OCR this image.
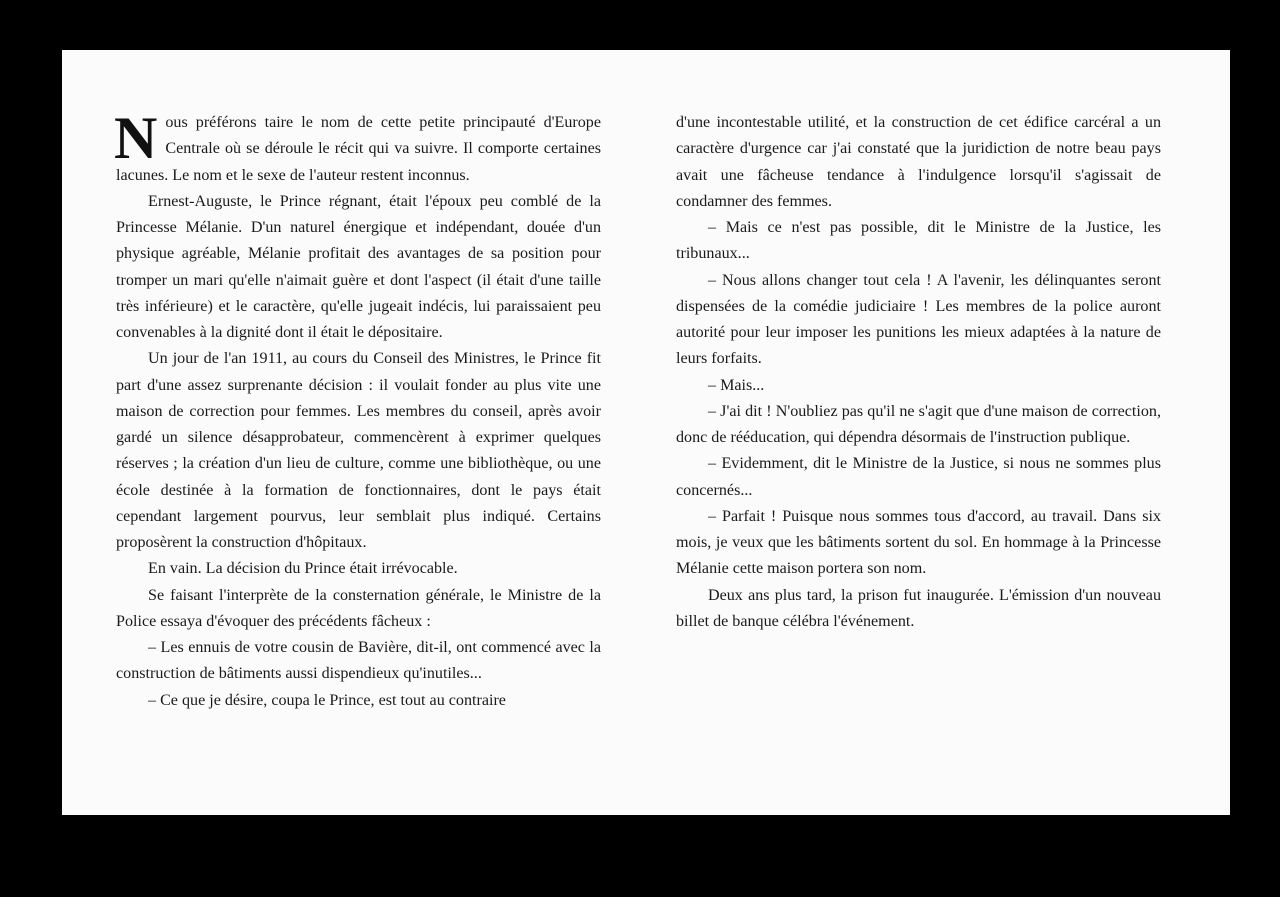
Nous préférons taire le nom de cette petite principauté d'Europe Centrale où se déroule le récit qui va suivre. Il comporte certaines lacunes. Le nom et le sexe de l'auteur restent inconnus.

Ernest-Auguste, le Prince régnant, était l'époux peu comblé de la Princesse Mélanie. D'un naturel énergique et indépendant, douée d'un physique agréable, Mélanie profitait des avantages de sa position pour tromper un mari qu'elle n'aimait guère et dont l'aspect (il était d'une taille très inférieure) et le caractère, qu'elle jugeait indécis, lui paraissaient peu convenables à la dignité dont il était le dépositaire.

Un jour de l'an 1911, au cours du Conseil des Ministres, le Prince fit part d'une assez surprenante décision : il voulait fonder au plus vite une maison de correction pour femmes. Les membres du conseil, après avoir gardé un silence désapprobateur, commencèrent à exprimer quelques réserves ; la création d'un lieu de culture, comme une bibliothèque, ou une école destinée à la formation de fonctionnaires, dont le pays était cependant largement pourvus, leur semblait plus indiqué. Certains proposèrent la construction d'hôpitaux.

En vain. La décision du Prince était irrévocable.

Se faisant l'interprète de la consternation générale, le Ministre de la Police essaya d'évoquer des précédents fâcheux :

– Les ennuis de votre cousin de Bavière, dit-il, ont commencé avec la construction de bâtiments aussi dispendieux qu'inutiles...

– Ce que je désire, coupa le Prince, est tout au contraire

d'une incontestable utilité, et la construction de cet édifice carcéral a un caractère d'urgence car j'ai constaté que la juridiction de notre beau pays avait une fâcheuse tendance à l'indulgence lorsqu'il s'agissait de condamner des femmes.

– Mais ce n'est pas possible, dit le Ministre de la Justice, les tribunaux...

– Nous allons changer tout cela ! A l'avenir, les délinquantes seront dispensées de la comédie judiciaire ! Les membres de la police auront autorité pour leur imposer les punitions les mieux adaptées à la nature de leurs forfaits.

– Mais...

– J'ai dit ! N'oubliez pas qu'il ne s'agit que d'une maison de correction, donc de rééducation, qui dépendra désormais de l'instruction publique.

– Evidemment, dit le Ministre de la Justice, si nous ne sommes plus concernés...

– Parfait ! Puisque nous sommes tous d'accord, au travail. Dans six mois, je veux que les bâtiments sortent du sol. En hommage à la Princesse Mélanie cette maison portera son nom.

Deux ans plus tard, la prison fut inaugurée. L'émission d'un nouveau billet de banque célébra l'événement.
